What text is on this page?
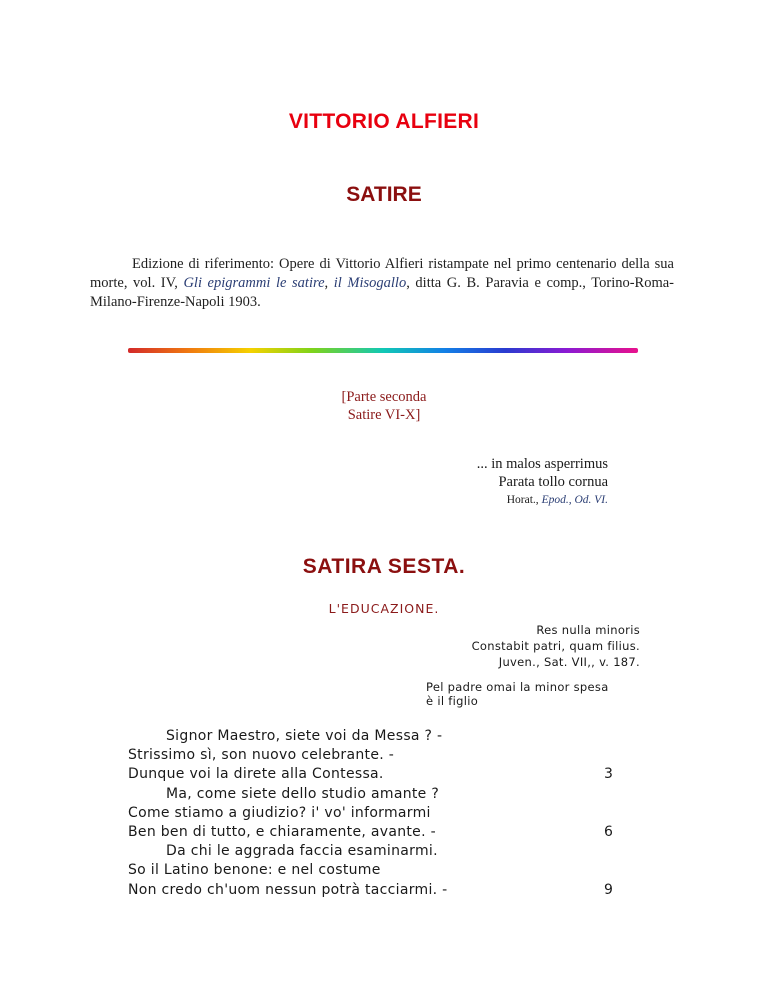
VITTORIO ALFIERI
SATIRE
Edizione di riferimento: Opere di Vittorio Alfieri ristampate nel primo centenario della sua morte, vol. IV, Gli epigrammi le satire, il Misogallo, ditta G. B. Paravia e comp., Torino-Roma-Milano-Firenze-Napoli 1903.
[Parte seconda
Satire VI-X]
... in malos asperrimus
Parata tollo cornua
Horat., Epod., Od. VI.
SATIRA SESTA.
L'EDUCAZIONE.
Res nulla minoris
Constabit patri, quam filius.
Juven., Sat. VII,, v. 187.
Pel padre omai la minor spesa
è il figlio
Signor Maestro, siete voi da Messa ? -
Strissimo sì, son nuovo celebrante. -
Dunque voi la direte alla Contessa.	3
Ma, come siete dello studio amante ?
Come stiamo a giudizio? i' vo' informarmi
Ben ben di tutto, e chiaramente, avante. -	6
Da chi le aggrada faccia esaminarmi.
So il Latino benone: e nel costume
Non credo ch'uom nessun potrà tacciarmi. -	9
